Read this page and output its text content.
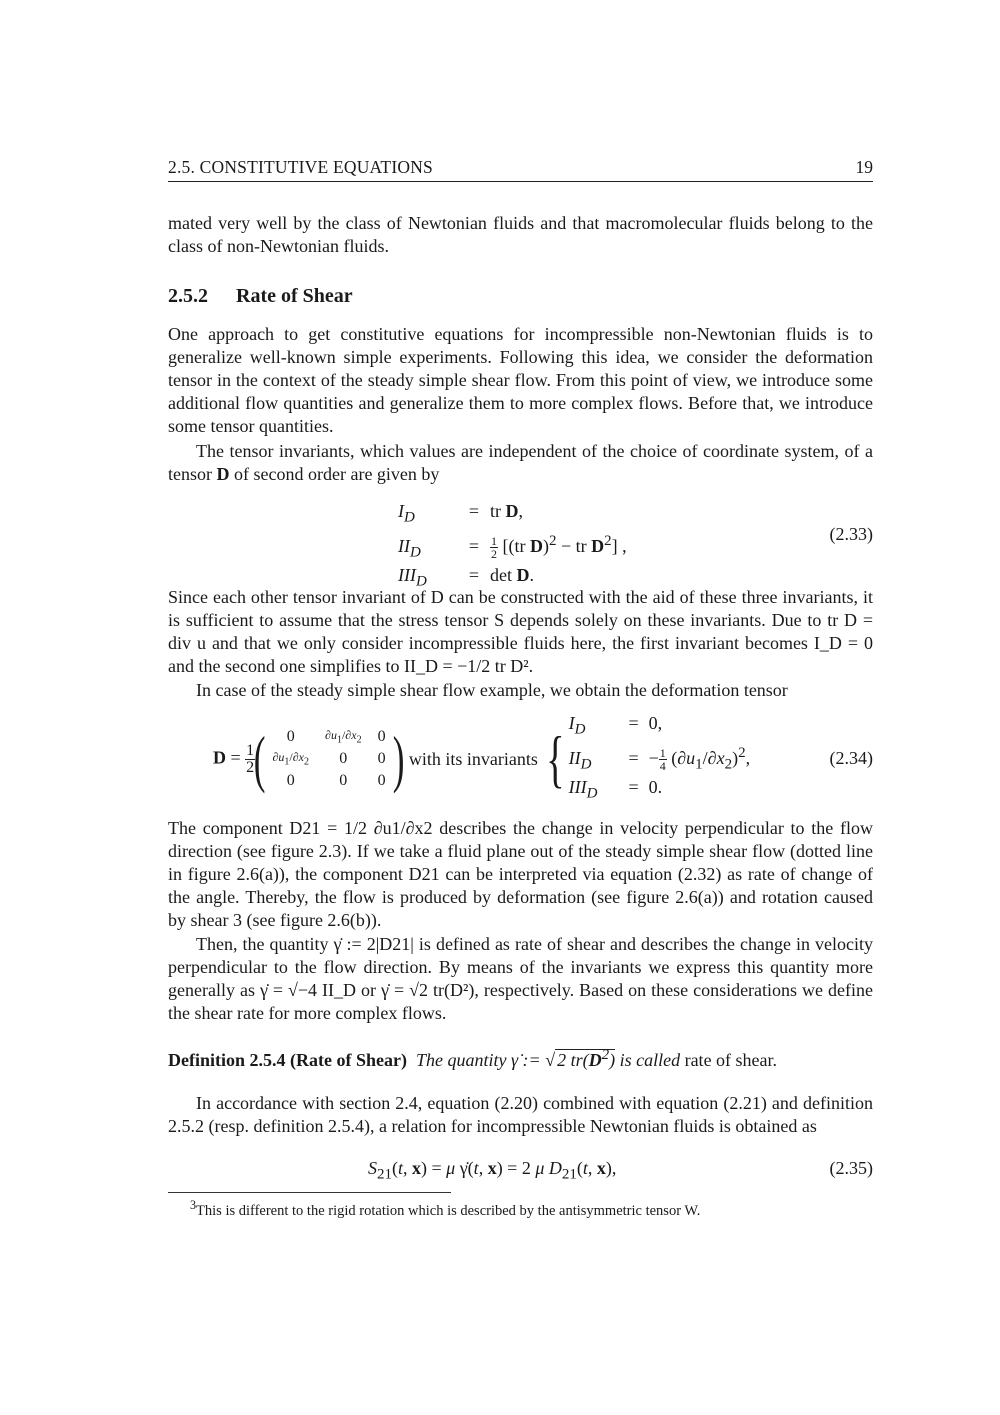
2.5. CONSTITUTIVE EQUATIONS	19

mated very well by the class of Newtonian fluids and that macromolecular fluids belong to the class of non-Newtonian fluids.

2.5.2 Rate of Shear

One approach to get constitutive equations for incompressible non-Newtonian fluids is to generalize well-known simple experiments. Following this idea, we consider the deformation tensor in the context of the steady simple shear flow. From this point of view, we introduce some additional flow quantities and generalize them to more complex flows. Before that, we introduce some tensor quantities.

The tensor invariants, which values are independent of the choice of coordinate system, of a tensor D of second order are given by

$I_D$	= tr D,
$II_D$	= $\frac{1}{2} [(tr$ D)$^2$ − tr $D^2$] ,
$III_D = \det D$.
(2.33)

Since each other tensor invariant of D can be constructed with the aid of these three invariants, it is sufficient to assume that the stress tensor S depends solely on these invariants. Due to tr D = div u and that we only consider incompressible fluids here, the first invariant becomes I_D = 0 and the second one simplifies to II_D = −1/2 tr D².

In case of the steady simple shear flow example, we obtain the deformation tensor

$D = \frac{1}{2}$
( 0	$\partial u_1/\partial x_2$	0
$\partial u_1/\partial x_2$	0	0
0	0	0 ) with its invariants { $I_D = 0$,
$II_D$ = − $\frac{1}{4} (\partial u_1/\partial x_2)^2$,
$III_D = 0$.
(2.34)

The component D21 = 1/2 ∂u1/∂x2 describes the change in velocity perpendicular to the flow direction (see figure 2.3). If we take a fluid plane out of the steady simple shear flow (dotted line in figure 2.6(a)), the component D21 can be interpreted via equation (2.32) as rate of change of the angle. Thereby, the flow is produced by deformation (see figure 2.6(a)) and rotation caused by shear 3 (see figure 2.6(b)).

Then, the quantity γ̇ := 2|D21| is defined as rate of shear and describes the change in velocity perpendicular to the flow direction. By means of the invariants we express this quantity more generally as γ̇ = √−4 II_D or γ̇ = √2 tr(D²), respectively. Based on these considerations we define the shear rate for more complex flows.

Definition 2.5.4 (Rate of Shear) The quantity γ̇ := √ 2 $tr(D^2)$ is called rate of shear.

In accordance with section 2.4, equation (2.20) combined with equation (2.21) and definition 2.5.2 (resp. definition 2.5.4), a relation for incompressible Newtonian fluids is obtained as

$S_{21}(t$, x) = μ γ̇(t, x) = 2 μ $D_{21}(t$, x),	(2.35)
$^3$This is different to the rigid rotation which is described by the antisymmetric tensor W.
